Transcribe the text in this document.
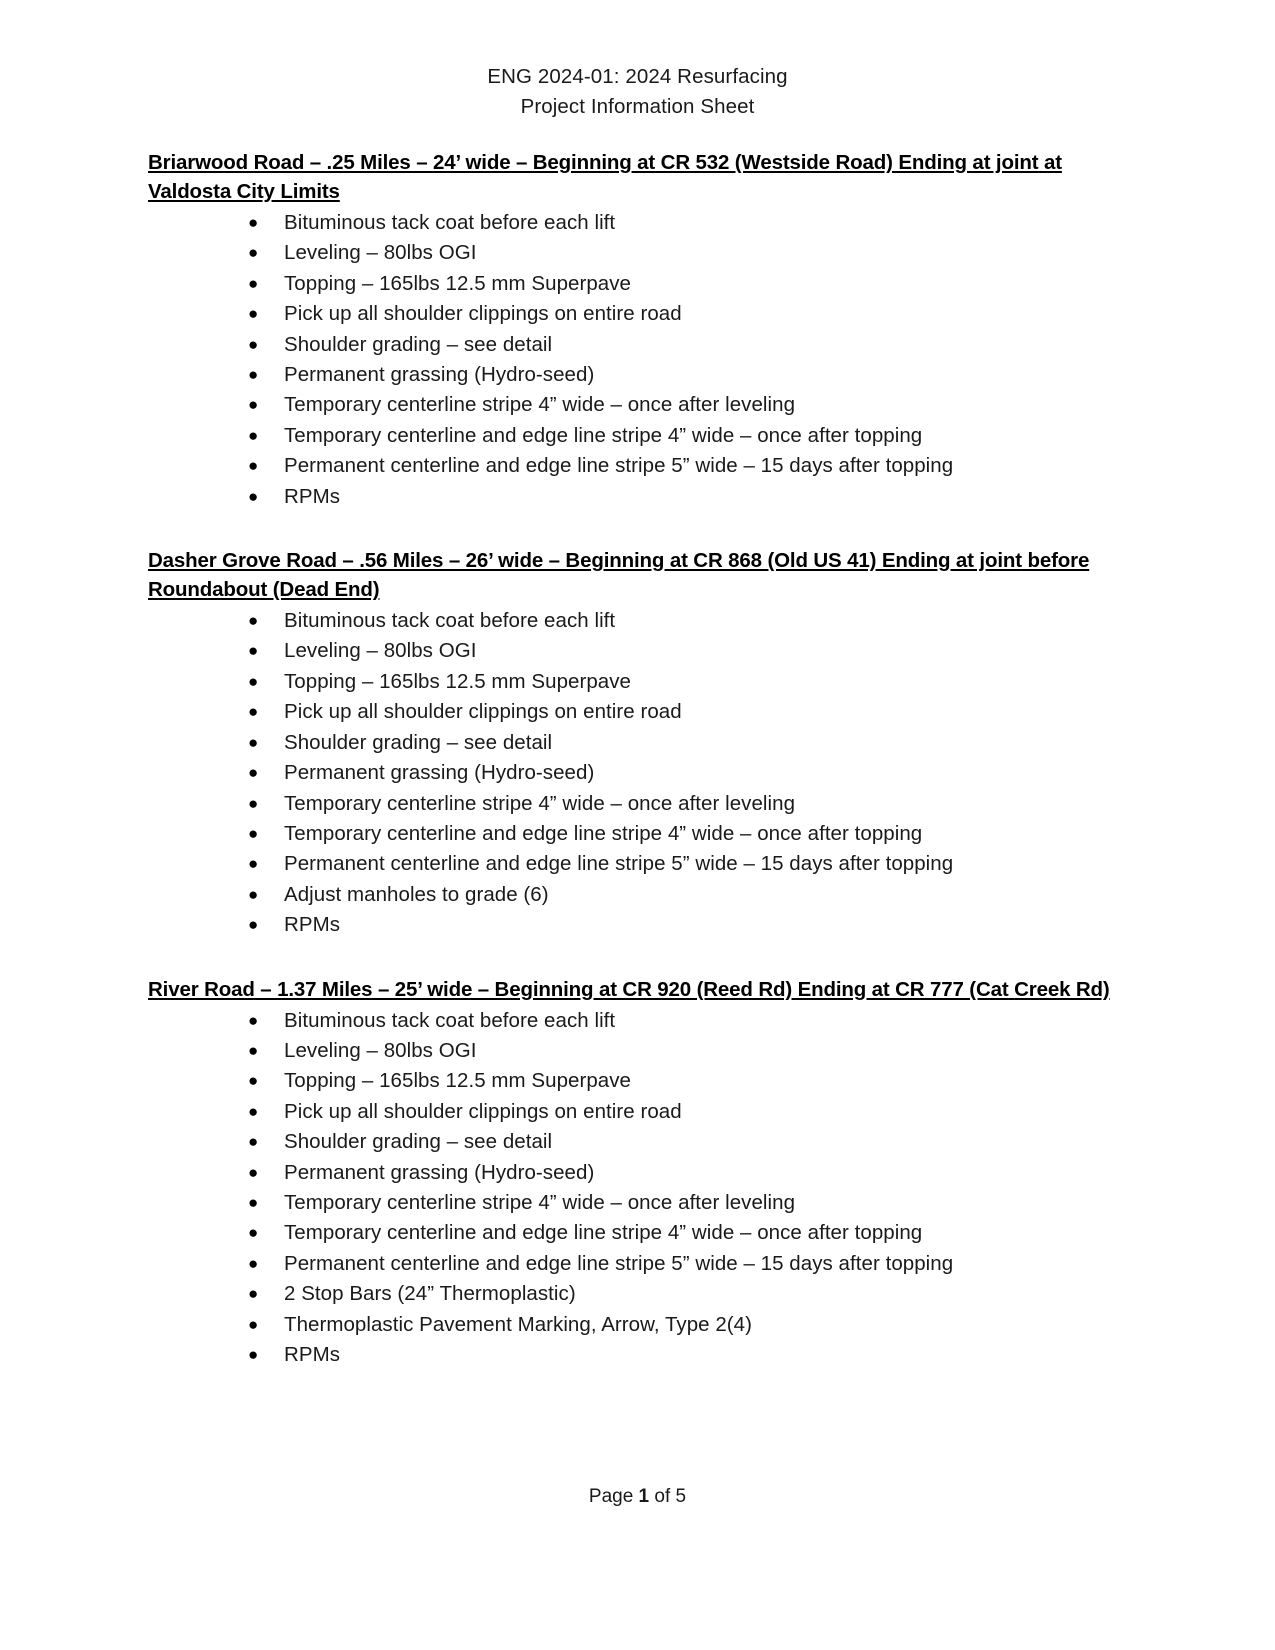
ENG 2024-01: 2024 Resurfacing
Project Information Sheet
Briarwood Road – .25 Miles – 24’ wide – Beginning at CR 532 (Westside Road) Ending at joint at Valdosta City Limits
● Bituminous tack coat before each lift
● Leveling – 80lbs OGI
● Topping – 165lbs 12.5 mm Superpave
● Pick up all shoulder clippings on entire road
● Shoulder grading – see detail
● Permanent grassing (Hydro-seed)
● Temporary centerline stripe 4” wide – once after leveling
● Temporary centerline and edge line stripe 4” wide – once after topping
● Permanent centerline and edge line stripe 5” wide – 15 days after topping
● RPMs
Dasher Grove Road – .56 Miles – 26’ wide – Beginning at CR 868 (Old US 41) Ending at joint before Roundabout (Dead End)
● Bituminous tack coat before each lift
● Leveling – 80lbs OGI
● Topping – 165lbs 12.5 mm Superpave
● Pick up all shoulder clippings on entire road
● Shoulder grading – see detail
● Permanent grassing (Hydro-seed)
● Temporary centerline stripe 4” wide – once after leveling
● Temporary centerline and edge line stripe 4” wide – once after topping
● Permanent centerline and edge line stripe 5” wide – 15 days after topping
● Adjust manholes to grade (6)
● RPMs
River Road – 1.37 Miles – 25’ wide – Beginning at CR 920 (Reed Rd) Ending at CR 777 (Cat Creek Rd)
● Bituminous tack coat before each lift
● Leveling – 80lbs OGI
● Topping – 165lbs 12.5 mm Superpave
● Pick up all shoulder clippings on entire road
● Shoulder grading – see detail
● Permanent grassing (Hydro-seed)
● Temporary centerline stripe 4” wide – once after leveling
● Temporary centerline and edge line stripe 4” wide – once after topping
● Permanent centerline and edge line stripe 5” wide – 15 days after topping
● 2 Stop Bars (24” Thermoplastic)
● Thermoplastic Pavement Marking, Arrow, Type 2(4)
● RPMs
Page 1 of 5
